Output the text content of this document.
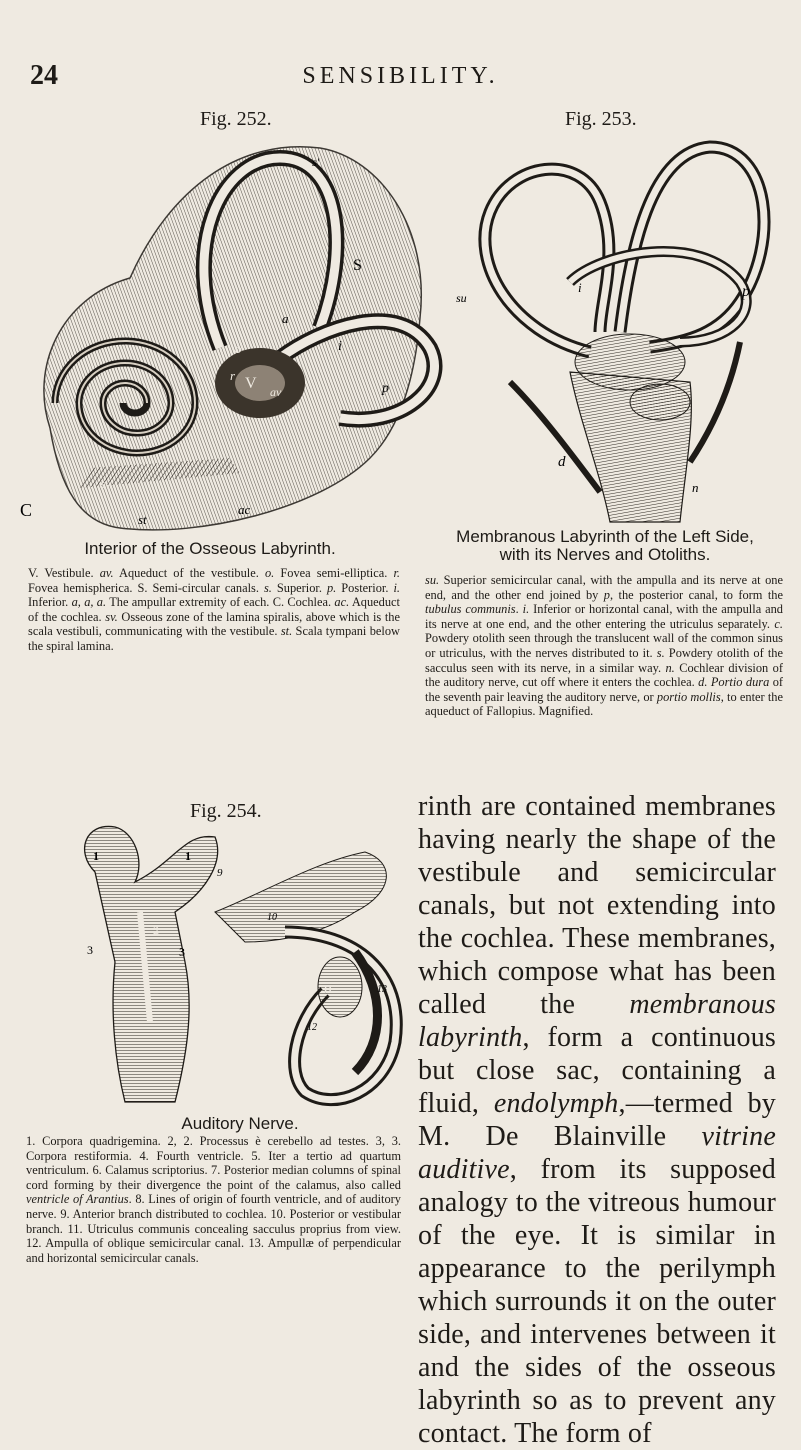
24	SENSIBILITY.
Fig. 252.
S
s'
V av
o
r
i
p
a
C	st
sv
ac
Interior of the Osseous Labyrinth.
V. Vestibule. av. Aqueduct of the vestibule. o. Fovea semi-elliptica. r. Fovea hemispherica. S. Semi-circular canals. s. Superior. p. Posterior. i. Inferior. a, a, a. The ampullar extremity of each. C. Cochlea. ac. Aqueduct of the cochlea. sv. Osseous zone of the lamina spiralis, above which is the scala vestibuli, communicating with the vestibule. st. Scala tympani below the spiral lamina.
Fig. 253.
su
i	p
d
n
Membranous Labyrinth of the Left Side,
with its Nerves and Otoliths.
su. Superior semicircular canal, with the ampulla and its nerve at one end, and the other end joined by p, the posterior canal, to form the tubulus communis. i. Inferior or horizontal canal, with the ampulla and its nerve at one end, and the other entering the utriculus separately. c. Powdery otolith seen through the translucent wall of the common sinus or utriculus, with the nerves distributed to it. s. Powdery otolith of the sacculus seen with its nerve, in a similar way. n. Cochlear division of the auditory nerve, cut off where it enters the cochlea. d. Portio dura of the seventh pair leaving the auditory nerve, or portio mollis, to enter the aqueduct of Fallopius. Magnified.
Fig. 254.
1	1
2
3	3
9
10
11
12
13
Auditory Nerve.
1. Corpora quadrigemina. 2, 2. Processus è cerebello ad testes. 3, 3. Corpora restiformia. 4. Fourth ventricle. 5. Iter a tertio ad quartum ventriculum. 6. Calamus scriptorius. 7. Posterior median columns of spinal cord forming by their divergence the point of the calamus, also called ventricle of Arantius. 8. Lines of origin of fourth ventricle, and of auditory nerve. 9. Anterior branch distributed to cochlea. 10. Posterior or vestibular branch. 11. Utriculus communis concealing sacculus proprius from view. 12. Ampulla of oblique semicircular canal. 13. Ampullæ of perpendicular and horizontal semicircular canals.
rinth are contained membranes having nearly the shape of the vestibule and semicircular canals, but not extending into the cochlea. These membranes, which compose what has been called the membranous labyrinth, form a continuous but close sac, containing a fluid, endolymph,—termed by M. De Blainville vitrine auditive, from its supposed analogy to the vitreous humour of the eye. It is similar in appearance to the perilymph which surrounds it on the outer side, and intervenes between it and the sides of the osseous labyrinth so as to prevent any contact. The form of
